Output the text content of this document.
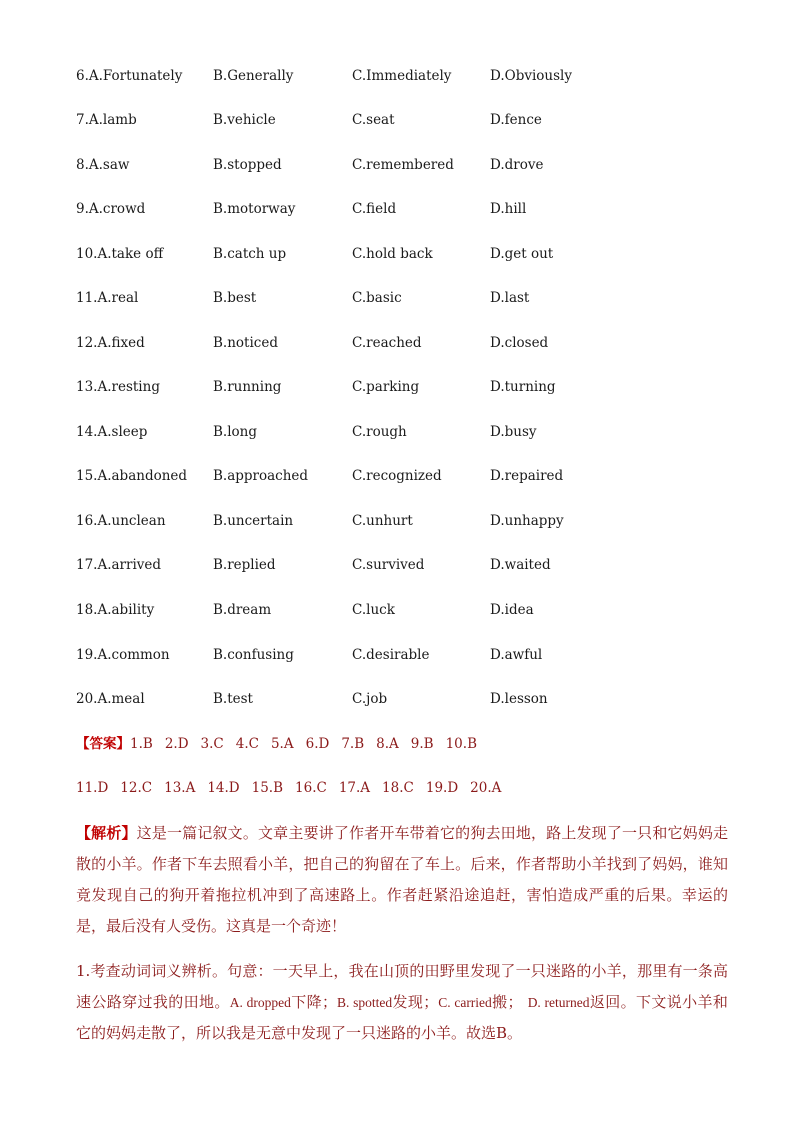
6.A.Fortunately B.Generally	C.Immediately	D.Obviously
7.A.lamb	B.vehicle	C.seat	D.fence
8.A.saw	B.stopped	C.remembered	D.drove
9.A.crowd	B.motorway	C.field	D.hill
10.A.take off	B.catch up	C.hold back	D.get out
11.A.real	B.best	C.basic	D.last
12.A.fixed	B.noticed	C.reached	D.closed
13.A.resting	B.running	C.parking	D.turning
14.A.sleep	B.long	C.rough	D.busy
15.A.abandoned B.approached	C.recognized	D.repaired
16.A.unclean	B.uncertain	C.unhurt	D.unhappy
17.A.arrived	B.replied	C.survived	D.waited
18.A.ability	B.dream	C.luck	D.idea
19.A.common	B.confusing	C.desirable	D.awful
20.A.meal	B.test	C.job	D.lesson
【答案】1.B 2.D 3.C 4.C 5.A 6.D 7.B 8.A 9.B 10.B
11.D 12.C 13.A 14.D 15.B 16.C 17.A 18.C 19.D 20.A
【解析】这是一篇记叙文。文章主要讲了作者开车带着它的狗去田地，路上发现了一只和它妈妈走散的小羊。作者下车去照看小羊，把自己的狗留在了车上。后来，作者帮助小羊找到了妈妈，谁知竟发现自己的狗开着拖拉机冲到了高速路上。作者赶紧沿途追赶，害怕造成严重的后果。幸运的是，最后没有人受伤。这真是一个奇迹！
1.考查动词词义辨析。句意：一天早上，我在山顶的田野里发现了一只迷路的小羊，那里有一条高速公路穿过我的田地。A. dropped下降；B. spotted发现；C. carried搬； D. returned返回。下文说小羊和它的妈妈走散了，所以我是无意中发现了一只迷路的小羊。故选B。
